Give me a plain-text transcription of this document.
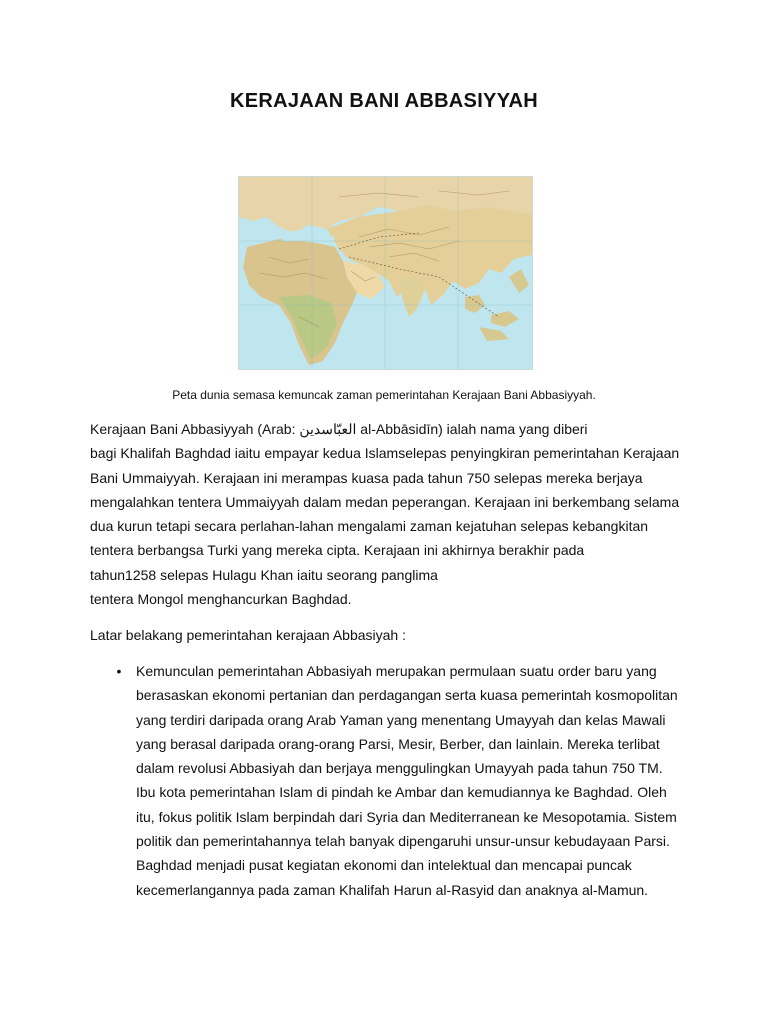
KERAJAAN BANI ABBASIYYAH
Peta dunia semasa kemuncak zaman pemerintahan Kerajaan Bani Abbasiyyah.
Kerajaan Bani Abbasiyyah (Arab: العبّاسدين al-Abbāsidīn) ialah nama yang diberi
bagi Khalifah Baghdad iaitu empayar kedua Islamselepas penyingkiran pemerintahan Kerajaan
Bani Ummaiyyah. Kerajaan ini merampas kuasa pada tahun 750 selepas mereka berjaya
mengalahkan tentera Ummaiyyah dalam medan peperangan. Kerajaan ini berkembang selama
dua kurun tetapi secara perlahan-lahan mengalami zaman kejatuhan selepas kebangkitan
tentera berbangsa Turki yang mereka cipta. Kerajaan ini akhirnya berakhir pada
tahun1258 selepas Hulagu Khan iaitu seorang panglima
tentera Mongol menghancurkan Baghdad.
Latar belakang pemerintahan kerajaan Abbasiyah :
• Kemunculan pemerintahan Abbasiyah merupakan permulaan suatu order baru yang
berasaskan ekonomi pertanian dan perdagangan serta kuasa pemerintah kosmopolitan
yang terdiri daripada orang Arab Yaman yang menentang Umayyah dan kelas Mawali
yang berasal daripada orang-orang Parsi, Mesir, Berber, dan lainlain. Mereka terlibat
dalam revolusi Abbasiyah dan berjaya menggulingkan Umayyah pada tahun 750 TM.
Ibu kota pemerintahan Islam di pindah ke Ambar dan kemudiannya ke Baghdad. Oleh
itu, fokus politik Islam berpindah dari Syria dan Mediterranean ke Mesopotamia. Sistem
politik dan pemerintahannya telah banyak dipengaruhi unsur-unsur kebudayaan Parsi.
Baghdad menjadi pusat kegiatan ekonomi dan intelektual dan mencapai puncak
kecemerlangannya pada zaman Khalifah Harun al-Rasyid dan anaknya al-Mamun.
